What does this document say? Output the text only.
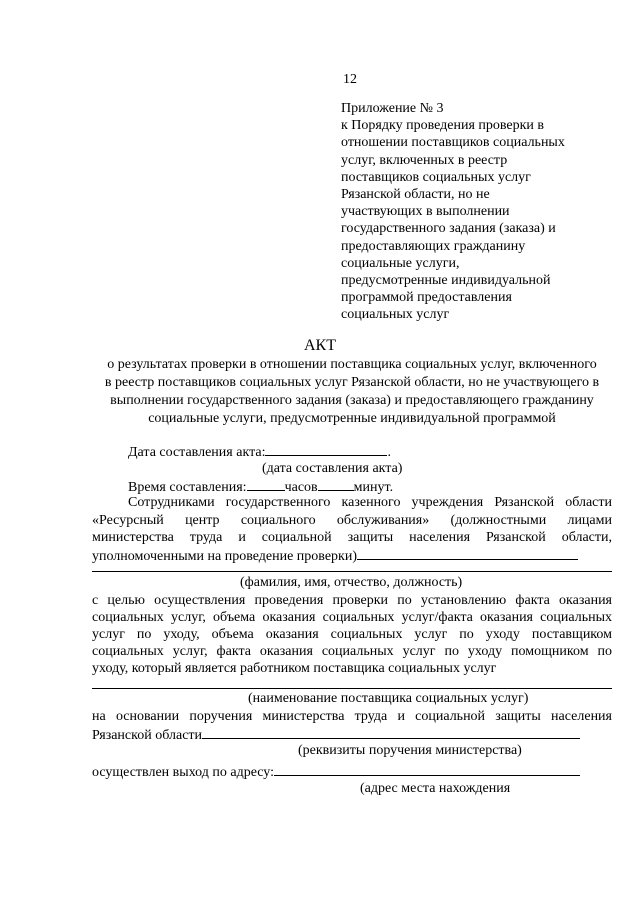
12
Приложение № 3
к Порядку проведения проверки в
отношении поставщиков социальных
услуг, включенных в реестр
поставщиков социальных услуг
Рязанской области, но не
участвующих в выполнении
государственного задания (заказа) и
предоставляющих гражданину
социальные услуги,
предусмотренные индивидуальной
программой предоставления
социальных услуг
АКТ
о результатах проверки в отношении поставщика социальных услуг, включенного
в реестр поставщиков социальных услуг Рязанской области, но не участвующего в
выполнении государственного задания (заказа) и предоставляющего гражданину
социальные услуги, предусмотренные индивидуальной программой
Дата составления акта:	.
(дата составления акта)
Время составления:	часов	минут.
Сотрудниками государственного казенного учреждения Рязанской области
«Ресурсный центр социального обслуживания» (должностными лицами
министерства труда и социальной защиты населения Рязанской области,
уполномоченными на проведение проверки)
(фамилия, имя, отчество, должность)
с целью осуществления проведения проверки по установлению факта оказания
социальных услуг, объема оказания социальных услуг/факта оказания социальных
услуг по уходу, объема оказания социальных услуг по уходу поставщиком
социальных услуг, факта оказания социальных услуг по уходу помощником по
уходу, который является работником поставщика социальных услуг
(наименование поставщика социальных услуг)
на основании поручения министерства труда и социальной защиты населения
Рязанской области
(реквизиты поручения министерства)
осуществлен выход по адресу:
(адрес места нахождения
